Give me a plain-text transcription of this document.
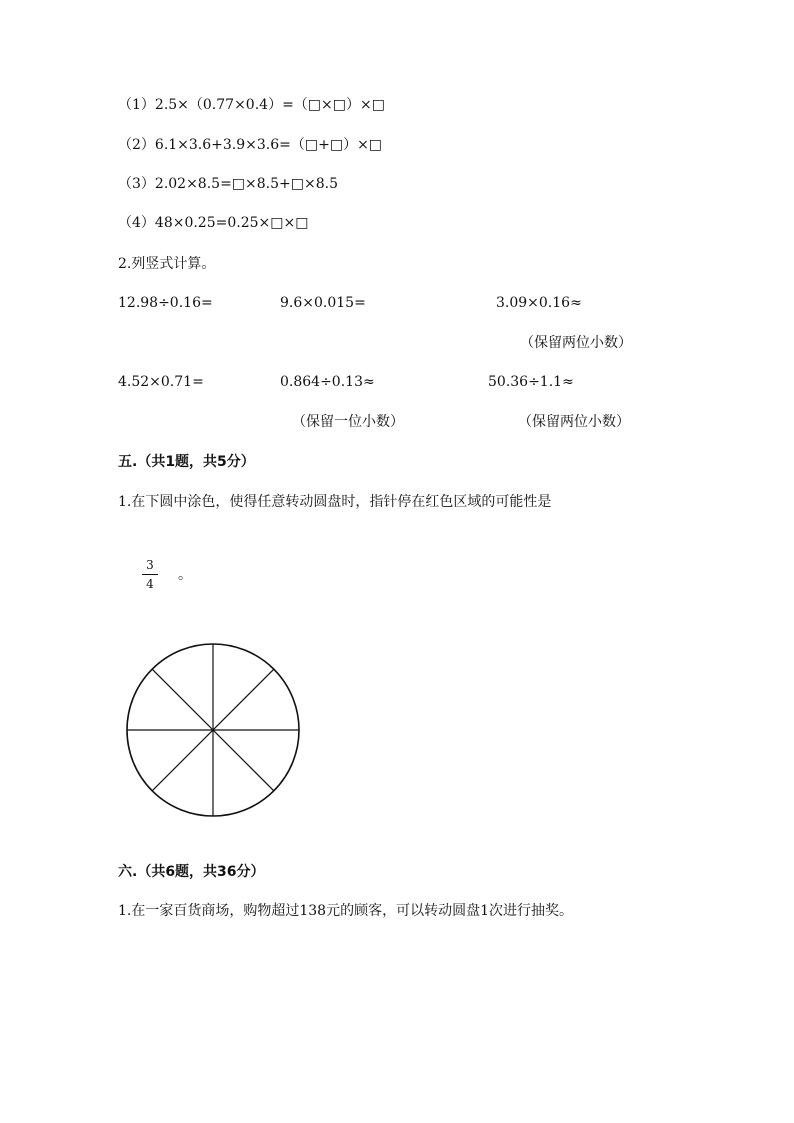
（1）2.5×（0.77×0.4）=（□×□）×□
（2）6.1×3.6+3.9×3.6=（□+□）×□
（3）2.02×8.5=□×8.5+□×8.5
（4）48×0.25=0.25×□×□
2.列竖式计算。
12.98÷0.16=	9.6×0.015=	3.09×0.16≈
（保留两位小数）
4.52×0.71=	0.864÷0.13≈	50.36÷1.1≈
（保留一位小数）	（保留两位小数）
五.（共1题，共5分）
1.在下圆中涂色，使得任意转动圆盘时，指针停在红色区域的可能性是
3
4
。
六.（共6题，共36分）
1.在一家百货商场，购物超过138元的顾客，可以转动圆盘1次进行抽奖。
